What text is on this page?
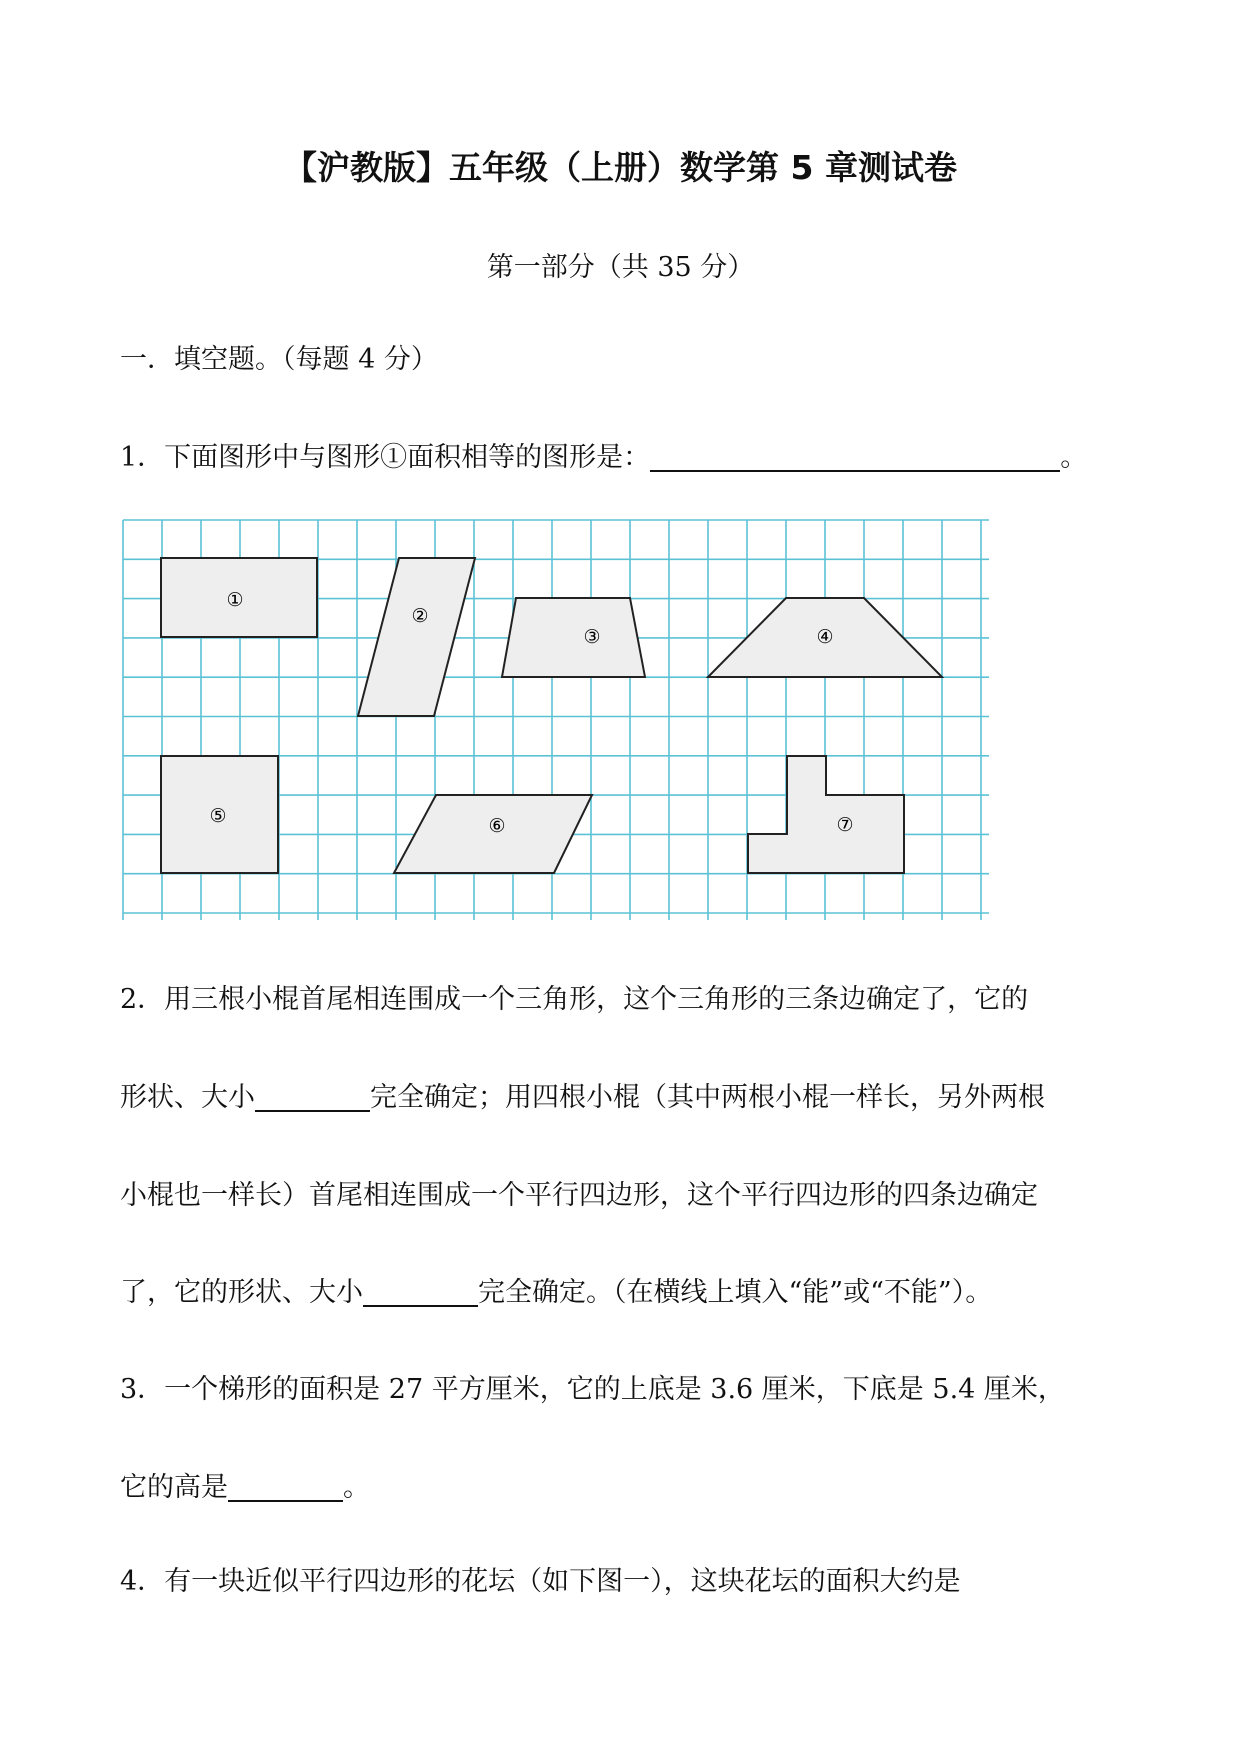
【沪教版】五年级（上册）数学第 5 章测试卷
第一部分（共 35 分）
一．填空题。（每题 4 分）
1．下面图形中与图形①面积相等的图形是：	。
①
②
③	④
⑤	⑥	⑦
2．用三根小棍首尾相连围成一个三角形，这个三角形的三条边确定了，它的
形状、大小	完全确定；用四根小棍（其中两根小棍一样长，另外两根
小棍也一样长）首尾相连围成一个平行四边形，这个平行四边形的四条边确定
了，它的形状、大小	完全确定。（在横线上填入“能”或“不能”）。
3．一个梯形的面积是 27 平方厘米，它的上底是 3.6 厘米，下底是 5.4 厘米，
它的高是	。
4．有一块近似平行四边形的花坛（如下图一），这块花坛的面积大约是
